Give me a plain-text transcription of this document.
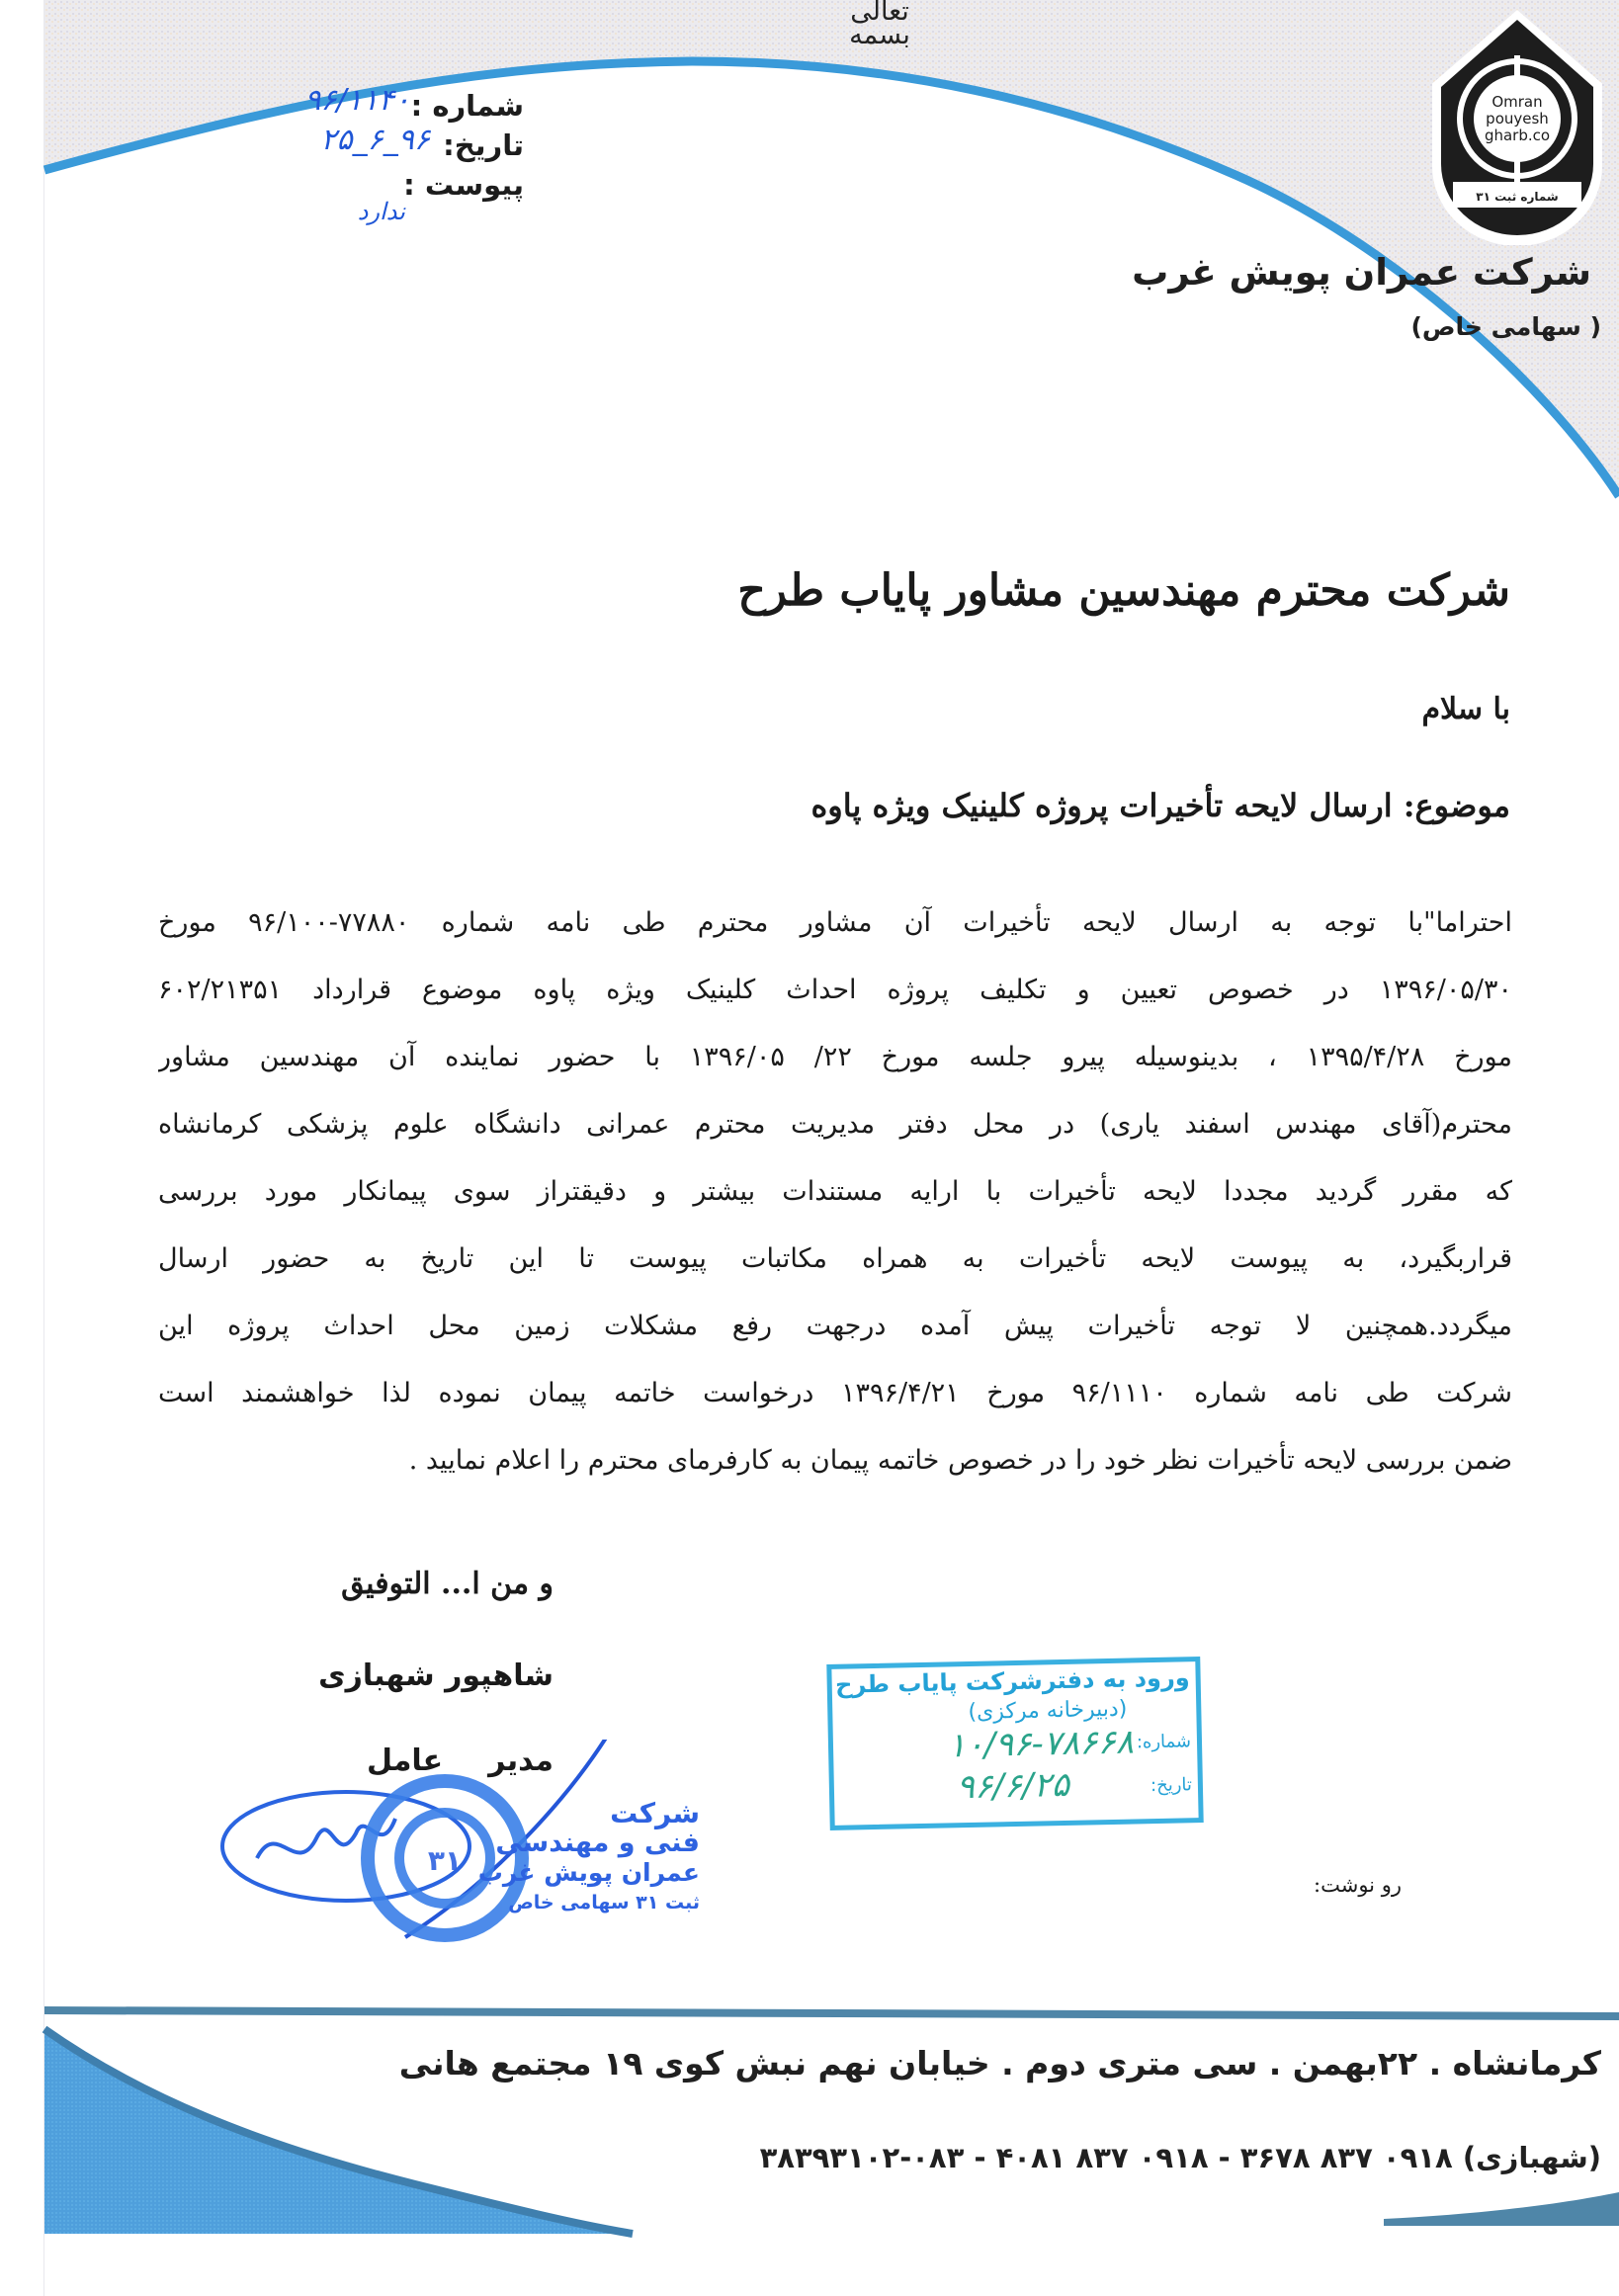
تعالی
بسمه
شماره :
۹۶/۱۱۴۰
تاریخ:
۹۶_۶_۲۵
پیوست :
ندارد
Omran
pouyesh
gharb.co
شماره ثبت ۳۱
شرکت عمران پویش غرب
( سهامی خاص)
شرکت محترم مهندسین مشاور پایاب طرح
با سلام
موضوع: ارسال لایحه تأخیرات پروژه کلینیک ویژه پاوه
احتراما"با توجه به ارسال لایحه تأخیرات آن مشاور محترم طی نامه شماره ۷۷۸۸۰-۹۶/۱۰۰ مورخ
۱۳۹۶/۰۵/۳۰ در خصوص تعیین و تکلیف پروژه احداث کلینیک ویژه پاوه موضوع قرارداد ۶۰۲/۲۱۳۵۱
مورخ ۱۳۹۵/۴/۲۸ ، بدینوسیله پیرو جلسه مورخ ۲۲/ ۱۳۹۶/۰۵ با حضور نماینده آن مهندسین مشاور
محترم(آقای مهندس اسفند یاری) در محل دفتر مدیریت محترم عمرانی دانشگاه علوم پزشکی کرمانشاه
که مقرر گردید مجددا لایحه تأخیرات با ارایه مستندات بیشتر و دقیقتراز سوی پیمانکار مورد بررسی
قراربگیرد، به پیوست لایحه تأخیرات به همراه مکاتبات پیوست تا این تاریخ به حضور ارسال
میگردد.همچنین لا توجه تأخیرات پیش آمده درجهت رفع مشکلات زمین محل احداث پروژه این
شرکت طی نامه شماره ۹۶/۱۱۱۰ مورخ ۱۳۹۶/۴/۲۱ درخواست خاتمه پیمان نموده لذا خواهشمند است
ضمن بررسی لایحه تأخیرات نظر خود را در خصوص خاتمه پیمان به کارفرمای محترم را اعلام نمایید .
و من ا... التوفیق
شاهپور شهبازی
مدیرعامل
۳۱
شرکت
فنی و مهندسی
عمران پویش غرب
ثبت ۳۱ سهامی خاص
ورود به دفترشرکت پایاب طرح
(دبیرخانه مرکزی)
شماره:
۱۰/۹۶-۷۸۶۶۸
تاریخ:
۹۶/۶/۲۵
رو نوشت:
کرمانشاه . ۲۲بهمن . سی متری دوم . خیابان نهم نبش کوی ۱۹ مجتمع هانی
(شهبازی) ۰۹۱۸ ۸۳۷ ۳۶۷۸ - ۰۹۱۸ ۸۳۷ ۴۰۸۱ - ۰۸۳-۳۸۳۹۳۱۰۲
